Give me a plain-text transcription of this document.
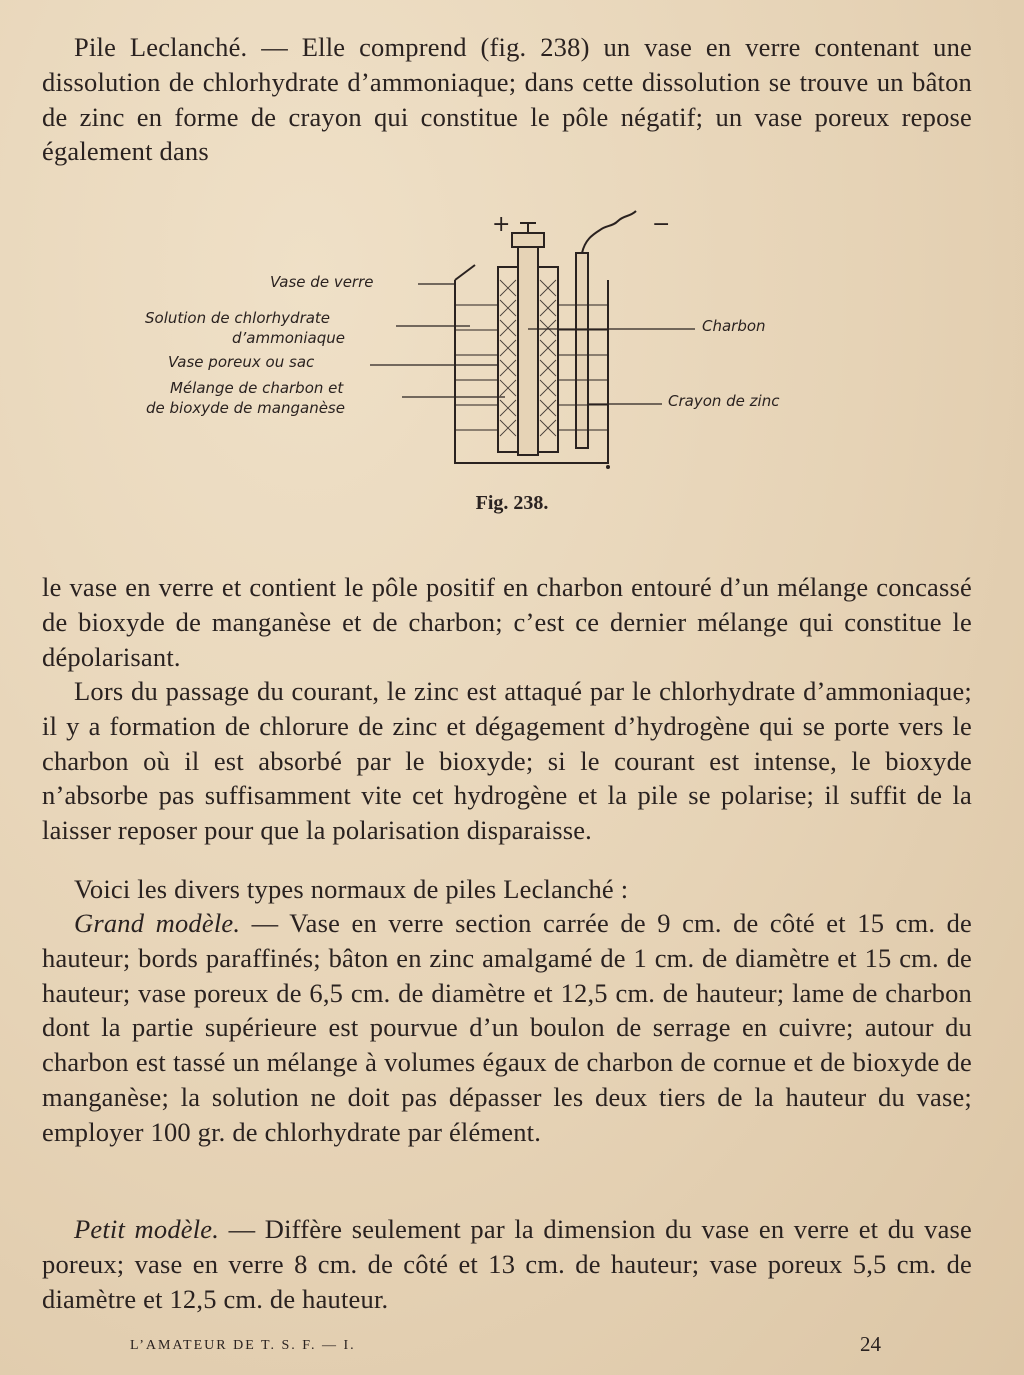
Pile Leclanché. — Elle comprend (fig. 238) un vase en verre contenant une dissolution de chlorhydrate d’ammoniaque; dans cette dissolution se trouve un bâton de zinc en forme de crayon qui constitue le pôle négatif; un vase poreux repose également dans

+	−
Vase de verre
Solution de chlorhydrate
d’ammoniaque
Vase poreux ou sac
Mélange de charbon et
de bioxyde de manganèse
Charbon
Crayon de zinc
Fig. 238.

le vase en verre et contient le pôle positif en charbon entouré d’un mélange concassé de bioxyde de manganèse et de charbon; c’est ce dernier mélange qui constitue le dépolarisant.

Lors du passage du courant, le zinc est attaqué par le chlorhydrate d’ammoniaque; il y a formation de chlorure de zinc et dégagement d’hydrogène qui se porte vers le charbon où il est absorbé par le bioxyde; si le courant est intense, le bioxyde n’absorbe pas suffisamment vite cet hydrogène et la pile se polarise; il suffit de la laisser reposer pour que la polarisation disparaisse.

Voici les divers types normaux de piles Leclanché :

Grand modèle. — Vase en verre section carrée de 9 cm. de côté et 15 cm. de hauteur; bords paraffinés; bâton en zinc amalgamé de 1 cm. de diamètre et 15 cm. de hauteur; vase poreux de 6,5 cm. de diamètre et 12,5 cm. de hauteur; lame de charbon dont la partie supérieure est pourvue d’un boulon de serrage en cuivre; autour du charbon est tassé un mélange à volumes égaux de charbon de cornue et de bioxyde de manganèse; la solution ne doit pas dépasser les deux tiers de la hauteur du vase; employer 100 gr. de chlorhydrate par élément.

Petit modèle. — Diffère seulement par la dimension du vase en verre et du vase poreux; vase en verre 8 cm. de côté et 13 cm. de hauteur; vase poreux 5,5 cm. de diamètre et 12,5 cm. de hauteur.

L’AMATEUR DE T. S. F. — I.	24
